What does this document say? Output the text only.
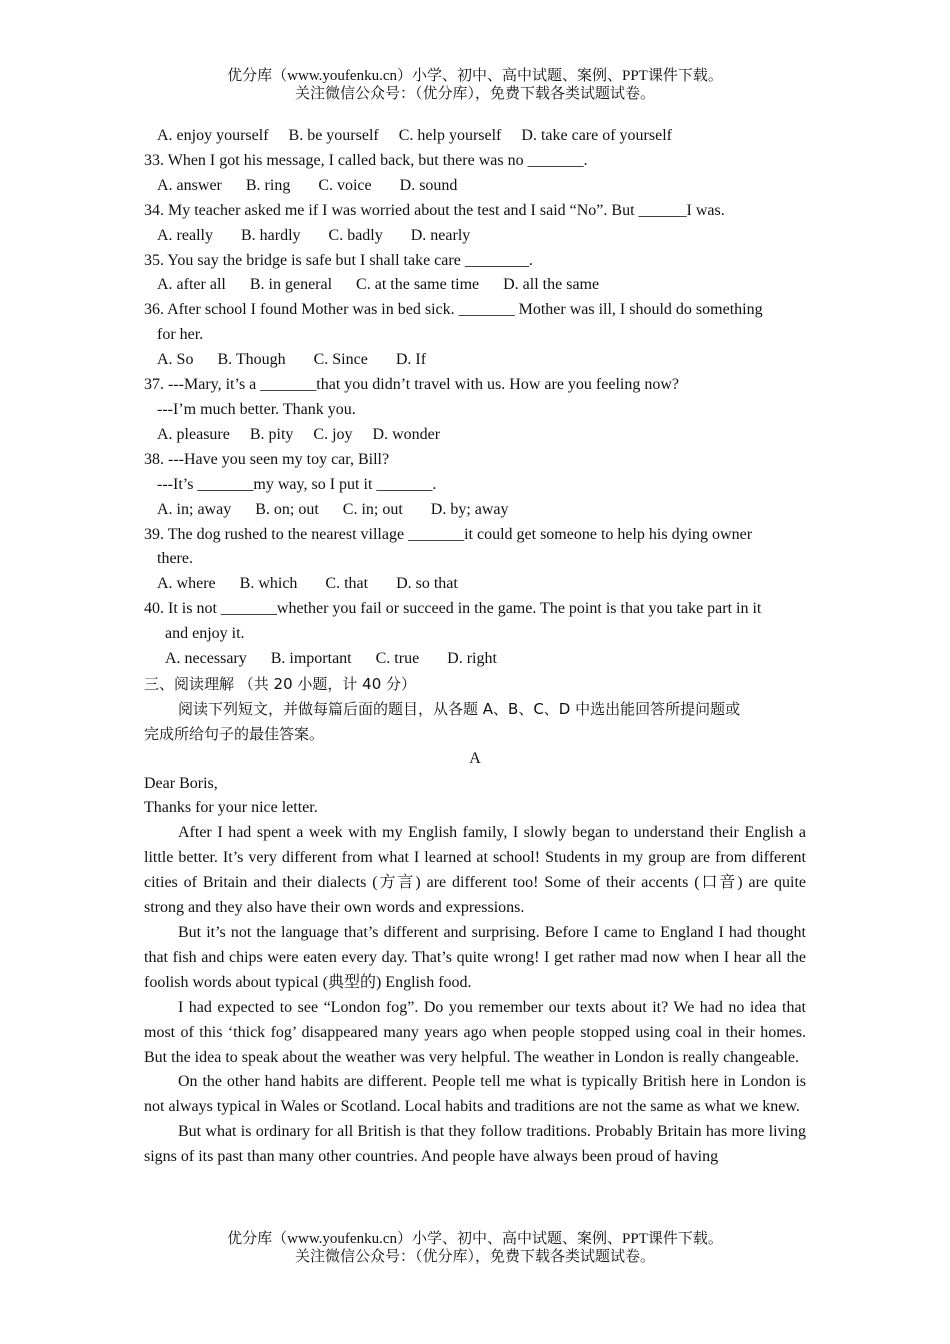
优分库（www.youfenku.cn）小学、初中、高中试题、案例、PPT课件下载。
关注微信公众号：（优分库），免费下载各类试题试卷。
A. enjoy yourself     B. be yourself     C. help yourself     D. take care of yourself
33. When I got his message, I called back, but there was no _______.
A. answer      B. ring       C. voice       D. sound
34. My teacher asked me if I was worried about the test and I said “No”. But ______I was.
A. really       B. hardly       C. badly       D. nearly
35. You say the bridge is safe but I shall take care ________.
A. after all      B. in general      C. at the same time      D. all the same
36. After school I found Mother was in bed sick. _______ Mother was ill, I should do something
for her.
A. So      B. Though       C. Since       D. If
37. ---Mary, it’s a _______that you didn’t travel with us. How are you feeling now?
---I’m much better. Thank you.
A. pleasure     B. pity     C. joy     D. wonder
38. ---Have you seen my toy car, Bill?
---It’s _______my way, so I put it _______.
A. in; away      B. on; out      C. in; out       D. by; away
39. The dog rushed to the nearest village _______it could get someone to help his dying owner
there.
A. where      B. which       C. that       D. so that
40. It is not _______whether you fail or succeed in the game. The point is that you take part in it
and enjoy it.
A. necessary      B. important      C. true       D. right
三、阅读理解 （共 20 小题，计 40 分）
阅读下列短文，并做每篇后面的题目，从各题 A、B、C、D 中选出能回答所提问题或
完成所给句子的最佳答案。
A
Dear Boris,
Thanks for your nice letter.
After I had spent a week with my English family, I slowly began to understand their English a little better. It’s very different from what I learned at school! Students in my group are from different cities of Britain and their dialects (方言) are different too! Some of their accents (口音) are quite strong and they also have their own words and expressions.
But it’s not the language that’s different and surprising. Before I came to England I had thought that fish and chips were eaten every day. That’s quite wrong! I get rather mad now when I hear all the foolish words about typical (典型的) English food.
I had expected to see “London fog”. Do you remember our texts about it? We had no idea that most of this ‘thick fog’ disappeared many years ago when people stopped using coal in their homes. But the idea to speak about the weather was very helpful. The weather in London is really changeable.
On the other hand habits are different. People tell me what is typically British here in London is not always typical in Wales or Scotland. Local habits and traditions are not the same as what we knew.
But what is ordinary for all British is that they follow traditions. Probably Britain has more living signs of its past than many other countries. And people have always been proud of having
优分库（www.youfenku.cn）小学、初中、高中试题、案例、PPT课件下载。
关注微信公众号：（优分库），免费下载各类试题试卷。
